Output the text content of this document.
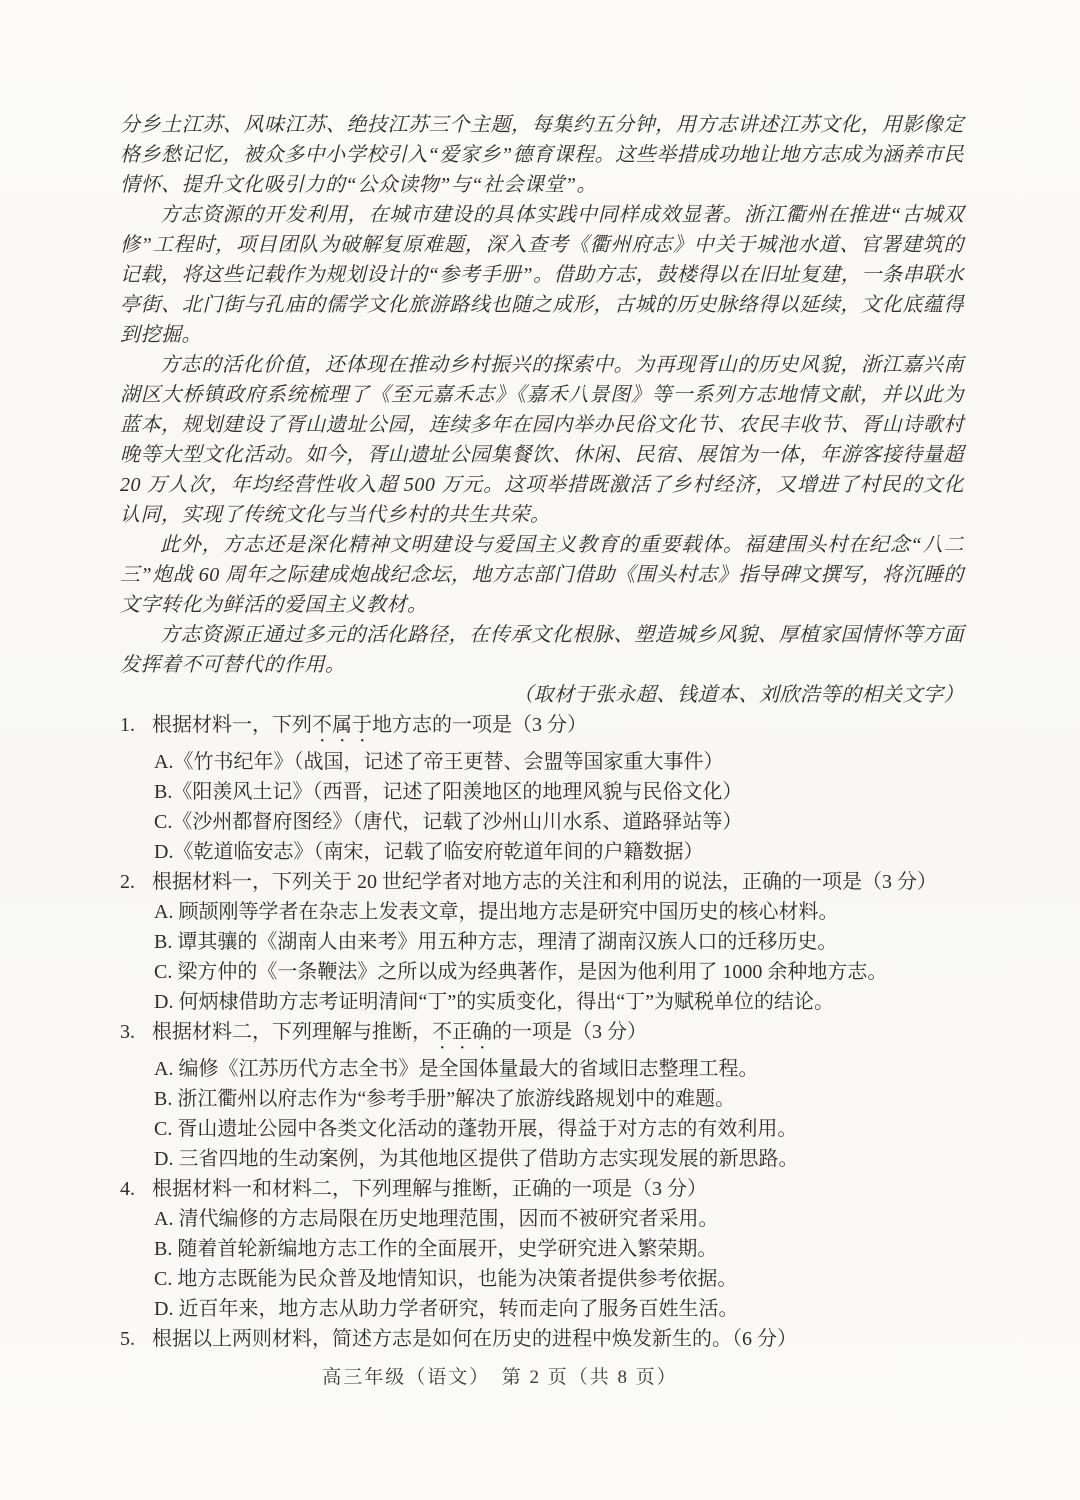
分乡土江苏、风味江苏、绝技江苏三个主题，每集约五分钟，用方志讲述江苏文化，用影像定格乡愁记忆，被众多中小学校引入“爱家乡”德育课程。这些举措成功地让地方志成为涵养市民情怀、提升文化吸引力的“公众读物”与“社会课堂”。

方志资源的开发利用，在城市建设的具体实践中同样成效显著。浙江衢州在推进“古城双修”工程时，项目团队为破解复原难题，深入查考《衢州府志》中关于城池水道、官署建筑的记载，将这些记载作为规划设计的“参考手册”。借助方志，鼓楼得以在旧址复建，一条串联水亭街、北门街与孔庙的儒学文化旅游路线也随之成形，古城的历史脉络得以延续，文化底蕴得到挖掘。

方志的活化价值，还体现在推动乡村振兴的探索中。为再现胥山的历史风貌，浙江嘉兴南湖区大桥镇政府系统梳理了《至元嘉禾志》《嘉禾八景图》等一系列方志地情文献，并以此为蓝本，规划建设了胥山遗址公园，连续多年在园内举办民俗文化节、农民丰收节、胥山诗歌村晚等大型文化活动。如今，胥山遗址公园集餐饮、休闲、民宿、展馆为一体，年游客接待量超 20 万人次，年均经营性收入超 500 万元。这项举措既激活了乡村经济，又增进了村民的文化认同，实现了传统文化与当代乡村的共生共荣。

此外，方志还是深化精神文明建设与爱国主义教育的重要载体。福建围头村在纪念“八二三”炮战 60 周年之际建成炮战纪念坛，地方志部门借助《围头村志》指导碑文撰写，将沉睡的文字转化为鲜活的爱国主义教材。

方志资源正通过多元的活化路径，在传承文化根脉、塑造城乡风貌、厚植家国情怀等方面发挥着不可替代的作用。

（取材于张永超、钱道本、刘欣浩等的相关文字）

1. 根据材料一，下列不属于地方志的一项是（3 分）

A.《竹书纪年》（战国，记述了帝王更替、会盟等国家重大事件）
B.《阳羡风土记》（西晋，记述了阳羡地区的地理风貌与民俗文化）
C.《沙州都督府图经》（唐代，记载了沙州山川水系、道路驿站等）
D.《乾道临安志》（南宋，记载了临安府乾道年间的户籍数据）

2. 根据材料一，下列关于 20 世纪学者对地方志的关注和利用的说法，正确的一项是（3 分）

A. 顾颉刚等学者在杂志上发表文章，提出地方志是研究中国历史的核心材料。
B. 谭其骧的《湖南人由来考》用五种方志，理清了湖南汉族人口的迁移历史。
C. 梁方仲的《一条鞭法》之所以成为经典著作，是因为他利用了 1000 余种地方志。
D. 何炳棣借助方志考证明清间“丁”的实质变化，得出“丁”为赋税单位的结论。

3. 根据材料二，下列理解与推断，不正确的一项是（3 分）

A. 编修《江苏历代方志全书》是全国体量最大的省域旧志整理工程。
B. 浙江衢州以府志作为“参考手册”解决了旅游线路规划中的难题。
C. 胥山遗址公园中各类文化活动的蓬勃开展，得益于对方志的有效利用。
D. 三省四地的生动案例，为其他地区提供了借助方志实现发展的新思路。

4. 根据材料一和材料二，下列理解与推断，正确的一项是（3 分）

A. 清代编修的方志局限在历史地理范围，因而不被研究者采用。
B. 随着首轮新编地方志工作的全面展开，史学研究进入繁荣期。
C. 地方志既能为民众普及地情知识，也能为决策者提供参考依据。
D. 近百年来，地方志从助力学者研究，转而走向了服务百姓生活。

5. 根据以上两则材料，简述方志是如何在历史的进程中焕发新生的。（6 分）

高三年级（语文）　第 2 页（共 8 页）
